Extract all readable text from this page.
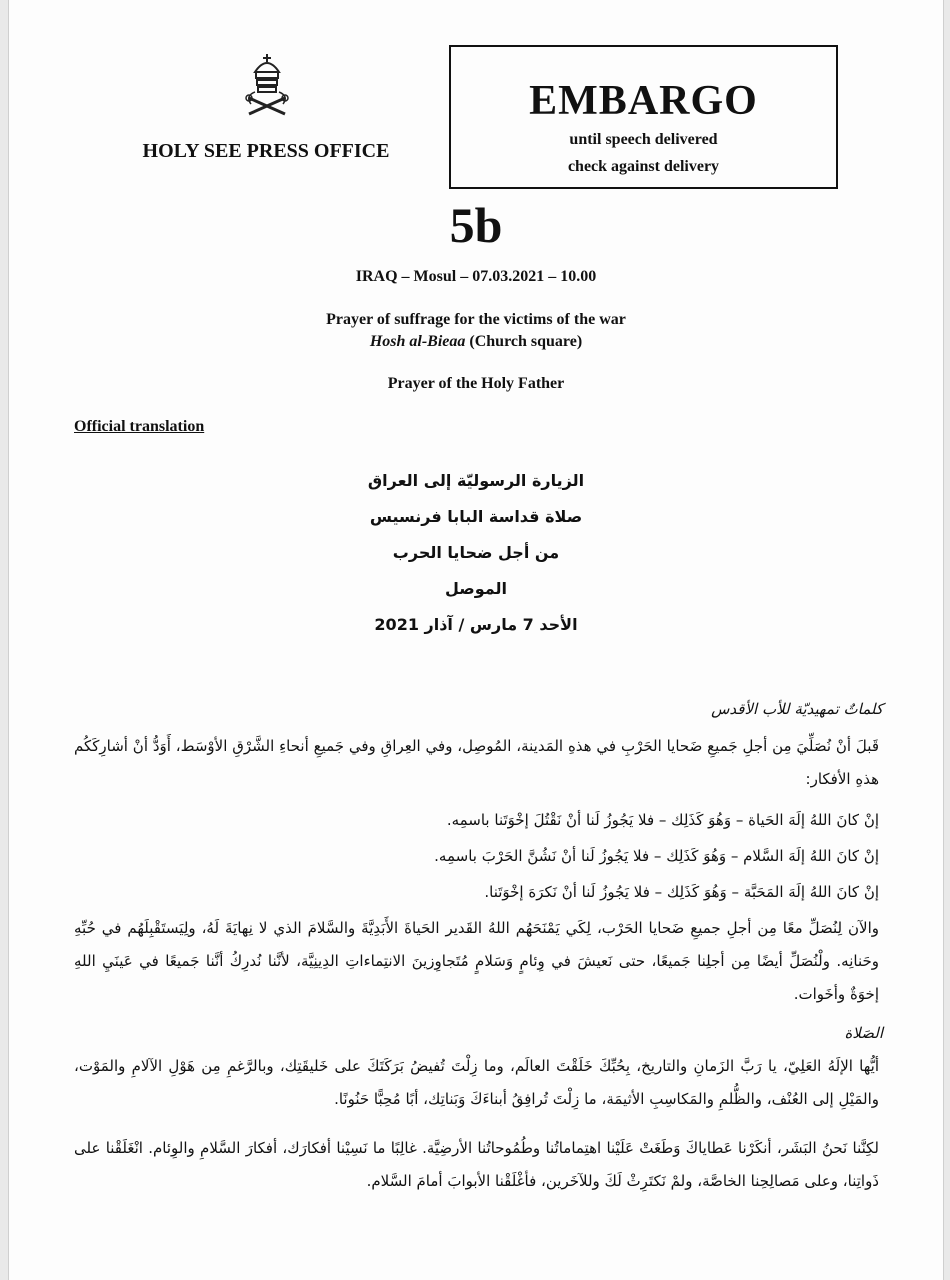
HOLY SEE PRESS OFFICE
EMBARGO
until speech delivered
check against delivery
5b
IRAQ – Mosul – 07.03.2021 – 10.00
Prayer of suffrage for the victims of the war
Hosh al-Bieaa (Church square)
Prayer of the Holy Father
Official translation
الزيارة الرسوليّة إلى العراق
صلاة قداسة البابا فرنسيس
من أجل ضحايا الحرب
الموصل
الأحد 7 مارس / آذار 2021
كلماتٌ تمهيديّة للأب الأقدس
قَبلَ أنْ نُصَلِّيَ مِن أجلِ جَميعِ ضَحايا الحَرْبِ في هذهِ المَدينة، المُوصِل، وفي العِراقِ وفي جَميعِ أنحاءِ الشَّرْقِ الأوْسَط، أَوَدُّ أنْ أشارِكَكُم هذهِ الأفكار:
إنْ كانَ اللهُ إلَهَ الحَياة – وَهُوَ كَذَلِك – فلا يَجُوزُ لَنا أنْ نَقْتُلَ إخْوَتَنا باسمِه.
إنْ كانَ اللهُ إلَهَ السَّلام – وَهُوَ كَذَلِك – فلا يَجُوزُ لَنا أنْ نَشُنَّ الحَرْبَ باسمِه.
إنْ كانَ اللهُ إلَهَ المَحَبَّة – وَهُوَ كَذَلِك – فلا يَجُوزُ لَنا أنْ نَكرَهَ إخْوَتَنا.
والآن لِنُصَلِّ معًا مِن أجلِ جميعِ ضَحايا الحَرْب، لِكَي يَمْنَحَهُم اللهُ القَدير الحَياةَ الأَبَدِيَّةَ والسَّلامَ الذي لا نِهايَةَ لَهُ، ولِيَستَقْبِلَهُم في حُبِّهِ وحَنانِه. ولْنُصَلِّ أيضًا مِن أجلِنا جَميعًا، حتى نَعيشَ في وِئامٍ وَسَلامٍ مُتَجاوِزينَ الانتِماءاتِ الدِينِيَّة، لأنَّنا نُدرِكُ أنَّنا جَميعًا في عَينَيِ اللهِ إخوَةٌ وأخَوات.
الصَلاة
أيُّها الإلَهُ العَلِيّ، يا رَبَّ الزَمانِ والتاريخ، بِحُبِّكَ خَلَقْتَ العالَم، وما زِلْتَ تُفيضُ بَرَكَتَكَ على خَليقَتِك، وبالرَّغمِ مِن هَوْلِ الآلامِ والمَوْت، والمَيْلِ إلى العُنْف، والظُّلمِ والمَكاسِبِ الأثيمَة، ما زِلْتَ تُرافِقُ أبناءَكَ وَبَناتِك، أبًا مُحِبًّا حَنُونًا.
لكِنَّنا نَحنُ البَشَر، أنكَرْنا عَطاياكَ وَطَغَتْ عَلَيْنا اهتِماماتُنا وطُمُوحاتُنا الأرضِيَّة. غالِبًا ما نَسِيْنا أفكارَك، أفكارَ السَّلامِ والوِئام. انْغَلَقْنا على ذَواتِنا، وعلى مَصالِحِنا الخاصَّة، ولمْ نَكتَرِثْ لَكَ وللآخَرين، فأغْلَقْنا الأبوابَ أمامَ السَّلام.
